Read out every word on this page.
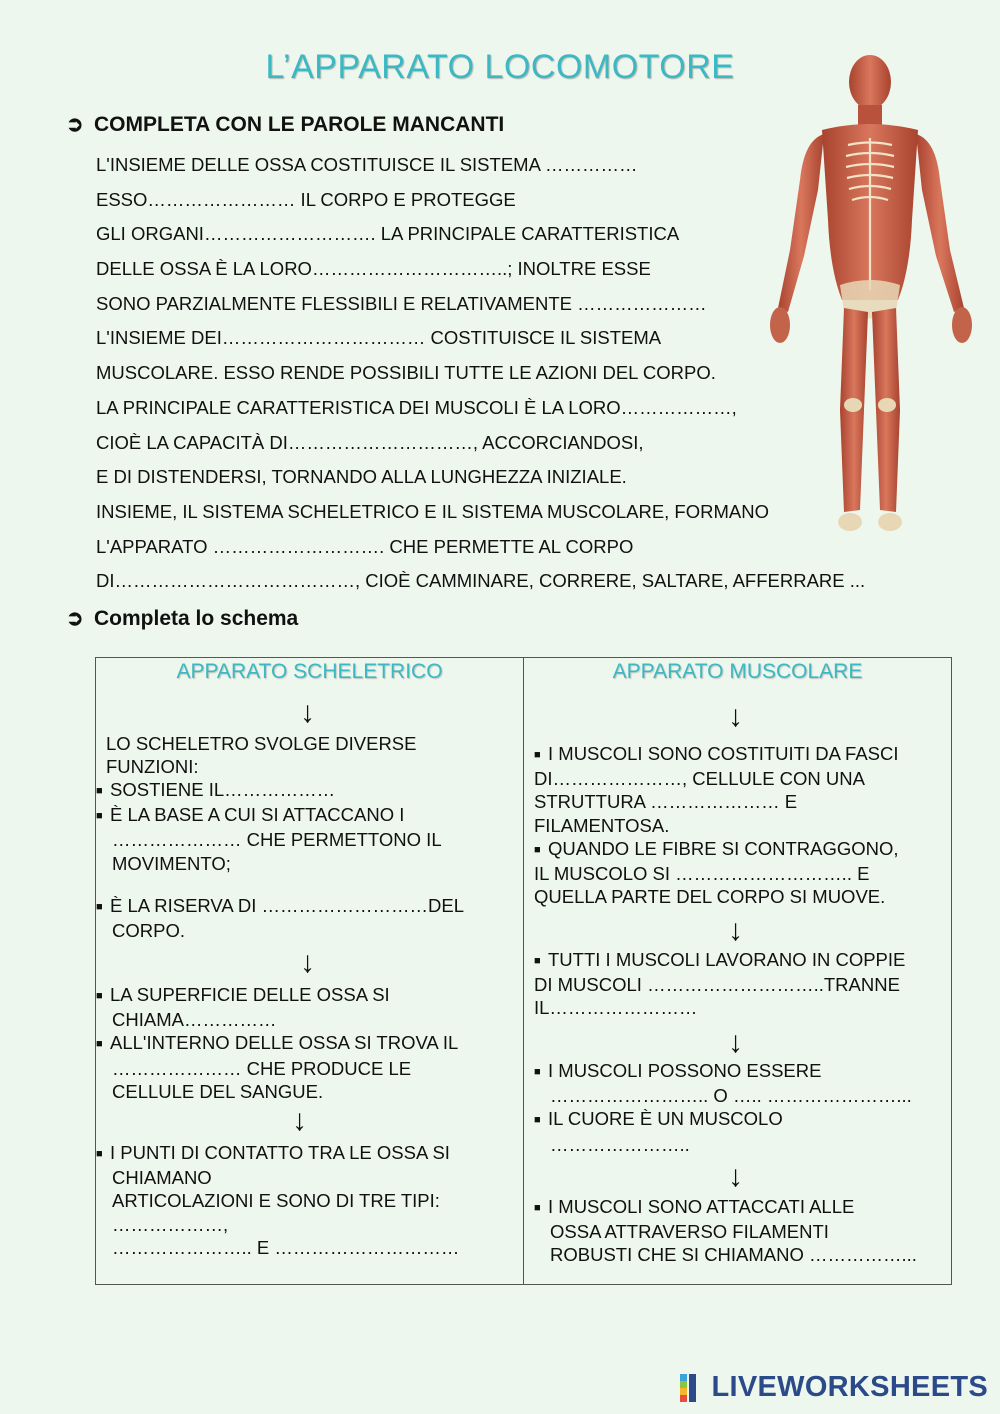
L’APPARATO LOCOMOTORE
➲ COMPLETA CON LE PAROLE MANCANTI
L'INSIEME DELLE OSSA COSTITUISCE IL SISTEMA ……………
ESSO…………………… IL CORPO E PROTEGGE
GLI ORGANI………………………. LA PRINCIPALE CARATTERISTICA
DELLE OSSA È LA LORO…………………………..; INOLTRE ESSE
SONO PARZIALMENTE FLESSIBILI E RELATIVAMENTE …………………
L'INSIEME DEI…………………………… COSTITUISCE IL SISTEMA
MUSCOLARE. ESSO RENDE POSSIBILI TUTTE LE AZIONI DEL CORPO.
LA PRINCIPALE CARATTERISTICA DEI MUSCOLI È LA LORO………………,
CIOÈ LA CAPACITÀ DI…………………………, ACCORCIANDOSI,
E DI DISTENDERSI, TORNANDO ALLA LUNGHEZZA INIZIALE.
INSIEME, IL SISTEMA SCHELETRICO E IL SISTEMA MUSCOLARE, FORMANO
L'APPARATO ………………………. CHE PERMETTE AL CORPO
DI…………………………………, CIOÈ CAMMINARE, CORRERE, SALTARE, AFFERRARE ...
➲ Completa lo schema
APPARATO SCHELETRICO
↓
LO SCHELETRO SVOLGE DIVERSE
FUNZIONI:
■ SOSTIENE IL………………
■ È LA BASE A CUI SI ATTACCANO I
………………… CHE PERMETTONO IL
MOVIMENTO;
■ È LA RISERVA DI ………………………DEL
CORPO.
↓
■ LA SUPERFICIE DELLE OSSA SI
CHIAMA……………
■ ALL'INTERNO DELLE OSSA SI TROVA IL
………………… CHE PRODUCE LE
CELLULE DEL SANGUE.
↓
■ I PUNTI DI CONTATTO TRA LE OSSA SI
CHIAMANO
ARTICOLAZIONI E SONO DI TRE TIPI:
………………,
………………….. E …………………………
APPARATO MUSCOLARE
↓
■ I MUSCOLI SONO COSTITUITI DA FASCI
DI…………………, CELLULE CON UNA
STRUTTURA ………………… E
FILAMENTOSA.
■ QUANDO LE FIBRE SI CONTRAGGONO,
IL MUSCOLO SI ……………………….. E
QUELLA PARTE DEL CORPO SI MUOVE.
↓
■ TUTTI I MUSCOLI LAVORANO IN COPPIE
DI MUSCOLI ………………………..TRANNE
IL……………………
↓
■ I MUSCOLI POSSONO ESSERE
…………………….. O ….. …………………...
■ IL CUORE È UN MUSCOLO
…………………..
↓
■ I MUSCOLI SONO ATTACCATI ALLE
OSSA ATTRAVERSO FILAMENTI
ROBUSTI CHE SI CHIAMANO ……………...
LIVEWORKSHEETS
